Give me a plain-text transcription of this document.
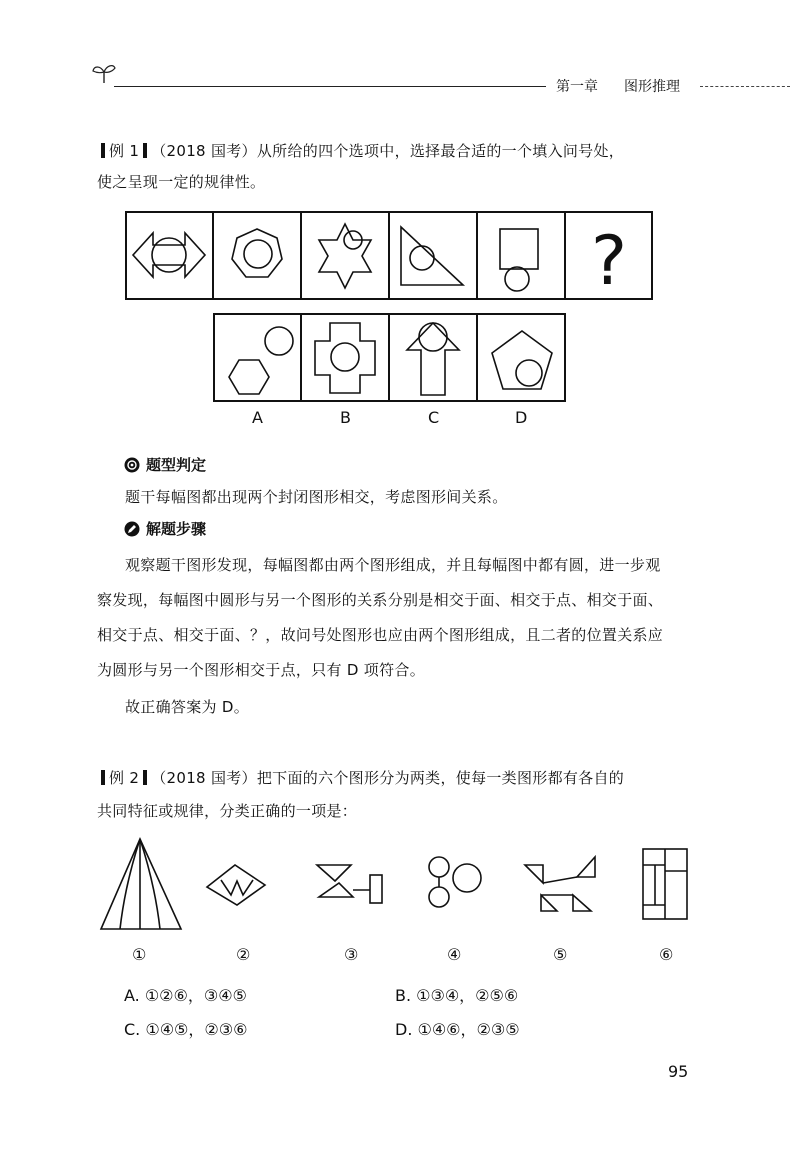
第一章 图形推理
例 1 （2018 国考）从所给的四个选项中，选择最合适的一个填入问号处，
使之呈现一定的规律性。
?
A	B	C	D
题型判定
题干每幅图都出现两个封闭图形相交，考虑图形间关系。
解题步骤
观察题干图形发现，每幅图都由两个图形组成，并且每幅图中都有圆，进一步观
察发现，每幅图中圆形与另一个图形的关系分别是相交于面、相交于点、相交于面、
相交于点、相交于面、？，故问号处图形也应由两个图形组成，且二者的位置关系应
为圆形与另一个图形相交于点，只有 D 项符合。
故正确答案为 D。
例 2 （2018 国考）把下面的六个图形分为两类，使每一类图形都有各自的
共同特征或规律，分类正确的一项是：
①	②	③	④	⑤	⑥
A. ①②⑥，③④⑤	B. ①③④，②⑤⑥
C. ①④⑤，②③⑥	D. ①④⑥，②③⑤
95
